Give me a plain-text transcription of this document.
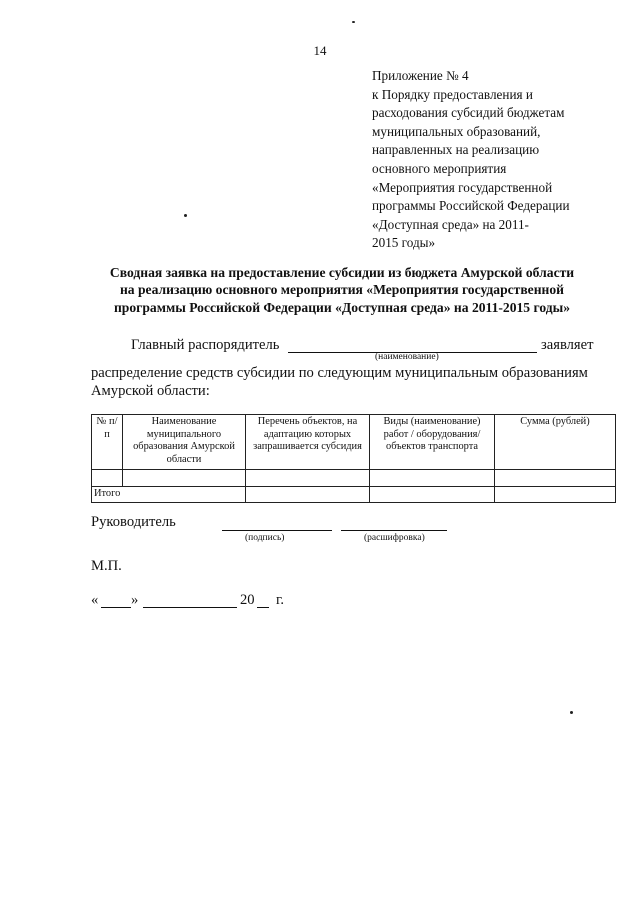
14
Приложение № 4
к Порядку предоставления и
расходования субсидий бюджетам
муниципальных образований,
направленных на реализацию
основного мероприятия
«Мероприятия государственной
программы Российской Федерации
«Доступная среда» на 2011-
2015 годы»
Сводная заявка на предоставление субсидии из бюджета Амурской области
на реализацию основного мероприятия «Мероприятия государственной
программы Российской Федерации «Доступная среда» на 2011-2015 годы»
Главный распорядитель	заявляет
(наименование)
распределение средств субсидии по следующим муниципальным образованиям
Амурской области:
№ п/п	Наименование муниципального образования Амурской области	Перечень объектов, на адаптацию которых запрашивается субсидия	Виды (наименование) работ / оборудования/ объектов транспорта	Сумма (рублей)

Итого				
Руководитель
(подпись)	(расшифровка)
М.П.
« »	20 г.
